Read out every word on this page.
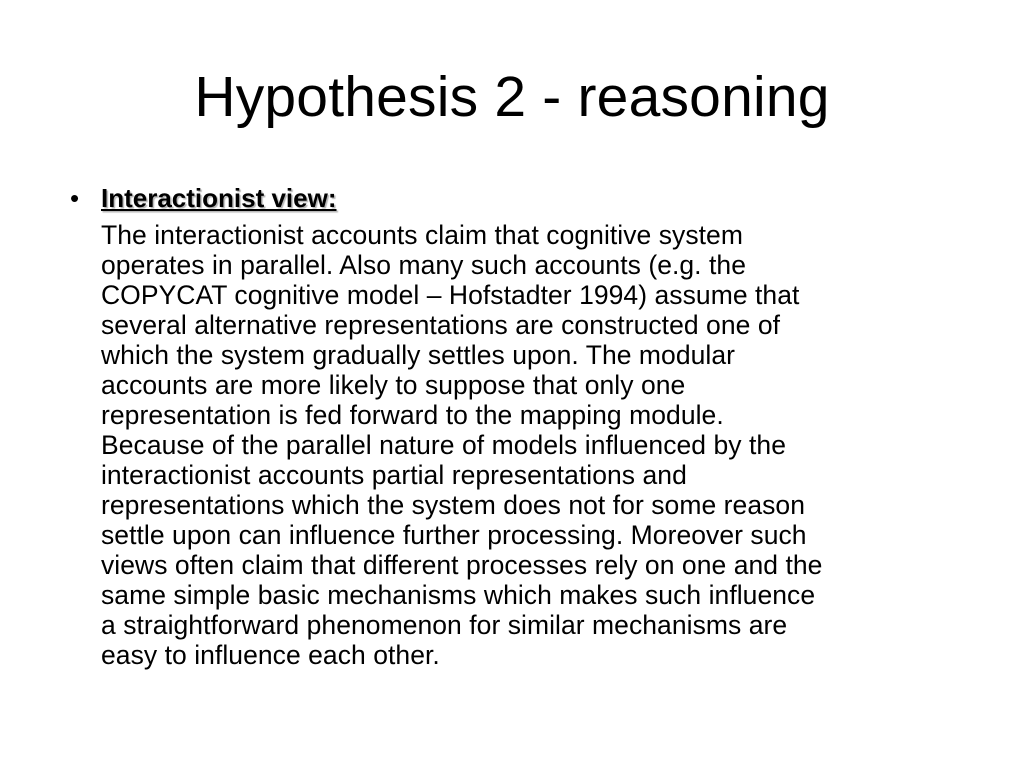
Hypothesis 2 - reasoning
• Interactionist view:
The interactionist accounts claim that cognitive system
operates in parallel. Also many such accounts (e.g. the
COPYCAT cognitive model – Hofstadter 1994) assume that
several alternative representations are constructed one of
which the system gradually settles upon. The modular
accounts are more likely to suppose that only one
representation is fed forward to the mapping module.
Because of the parallel nature of models influenced by the
interactionist accounts partial representations and
representations which the system does not for some reason
settle upon can influence further processing. Moreover such
views often claim that different processes rely on one and the
same simple basic mechanisms which makes such influence
a straightforward phenomenon for similar mechanisms are
easy to influence each other.
